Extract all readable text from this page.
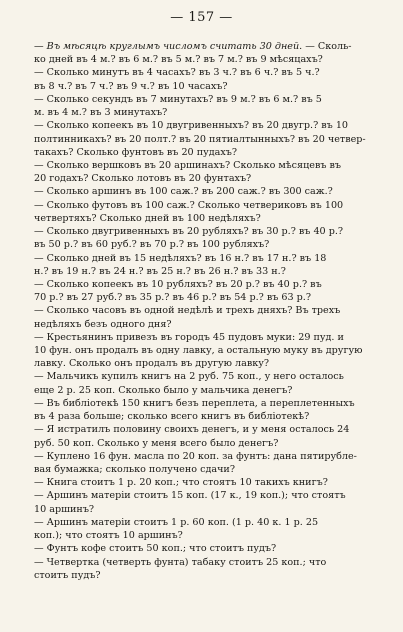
— 157 —
— Въ мѣсяцѣ круглымъ числомъ считать 30 дней. — Сколь-
ко дней въ 4 м.? въ 6 м.? въ 5 м.? въ 7 м.? въ 9 мѣсяцахъ?
— Сколько минутъ въ 4 часахъ? въ 3 ч.? въ 6 ч.? въ 5 ч.?
въ 8 ч.? въ 7 ч.? въ 9 ч.? въ 10 часахъ?
— Сколько секундъ въ 7 минутахъ? въ 9 м.? въ 6 м.? въ 5
м. въ 4 м.? въ 3 минутахъ?
— Сколько копеекъ въ 10 двугривенныхъ? въ 20 двугр.? въ 10
полтинникахъ? въ 20 полт.? въ 20 пятиалтынныхъ? въ 20 четвер-
такахъ? Сколько фунтовъ въ 20 пудахъ?
— Сколько вершковъ въ 20 аршинахъ? Сколько мѣсяцевъ въ
20 годахъ? Сколько лотовъ въ 20 фунтахъ?
— Сколько аршинъ въ 100 саж.? въ 200 саж.? въ 300 саж.?
— Сколько футовъ въ 100 саж.? Сколько четвериковъ въ 100
четвертяхъ? Сколько дней въ 100 недѣляхъ?
— Сколько двугривенныхъ въ 20 рубляхъ? въ 30 р.? въ 40 р.?
въ 50 р.? въ 60 руб.? въ 70 р.? въ 100 рубляхъ?
— Сколько дней въ 15 недѣляхъ? въ 16 н.? въ 17 н.? въ 18
н.? въ 19 н.? въ 24 н.? въ 25 н.? въ 26 н.? въ 33 н.?
— Сколько копеекъ въ 10 рубляхъ? въ 20 р.? въ 40 р.? въ
70 р.? въ 27 руб.? въ 35 р.? въ 46 р.? въ 54 р.? въ 63 р.?
— Сколько часовъ въ одной недѣлѣ и трехъ дняхъ? Въ трехъ
недѣляхъ безъ одного дня?
— Крестьянинъ привезъ въ городъ 45 пудовъ муки: 29 пуд. и
10 фун. онъ продалъ въ одну лавку, а остальную муку въ другую
лавку. Сколько онъ продалъ въ другую лавку?
— Мальчикъ купилъ книгъ на 2 руб. 75 коп., у него осталось
еще 2 р. 25 коп. Сколько было у мальчика денегъ?
— Въ библіотекѣ 150 книгъ безъ переплета, а переплетенныхъ
въ 4 раза больше; сколько всего книгъ въ библіотекѣ?
— Я истратилъ половину своихъ денегъ, и у меня осталось 24
руб. 50 коп. Сколько у меня всего было денегъ?
— Куплено 16 фун. масла по 20 коп. за фунтъ: дана пятирубле-
вая бумажка; сколько получено сдачи?
— Книга стоитъ 1 р. 20 коп.; что стоятъ 10 такихъ книгъ?
— Аршинъ матеріи стоитъ 15 коп. (17 к., 19 коп.); что стоятъ
10 аршинъ?
— Аршинъ матеріи стоитъ 1 р. 60 коп. (1 р. 40 к. 1 р. 25
коп.); что стоятъ 10 аршинъ?
— Фунтъ кофе стоитъ 50 коп.; что стоитъ пудъ?
— Четвертка (четверть фунта) табаку стоитъ 25 коп.; что
стоитъ пудъ?
